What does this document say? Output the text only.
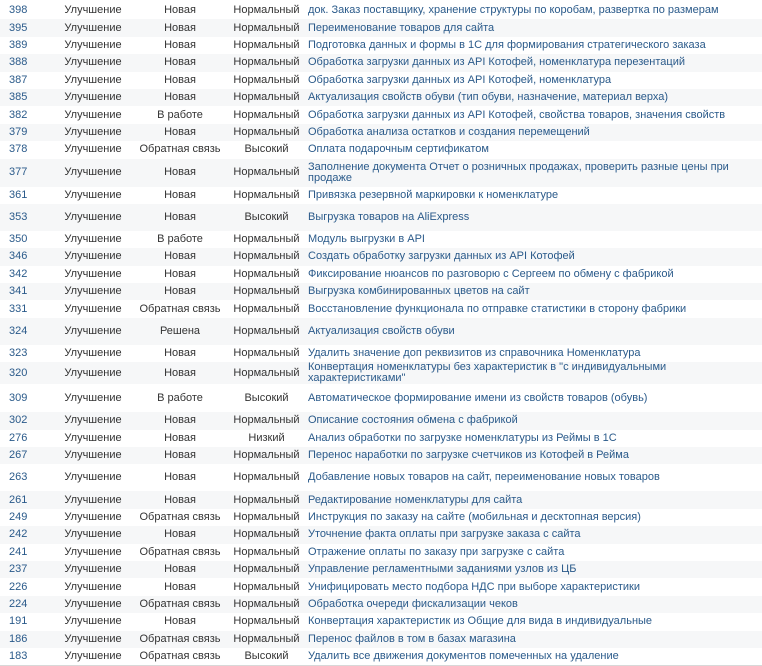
398	Улучшение	Новая	Нормальный	док. Заказ поставщику, хранение структуры по коробам, развертка по размерам
395	Улучшение	Новая	Нормальный	Переименование товаров для сайта
389	Улучшение	Новая	Нормальный	Подготовка данных и формы в 1С для формирования стратегического заказа
388	Улучшение	Новая	Нормальный	Обработка загрузки данных из API Котофей, номенклатура перезентаций
387	Улучшение	Новая	Нормальный	Обработка загрузки данных из API Котофей, номенклатура
385	Улучшение	Новая	Нормальный	Актуализация свойств обуви (тип обуви, назначение, материал верха)
382	Улучшение	В работе	Нормальный	Обработка загрузки данных из API Котофей, свойства товаров, значения свойств
379	Улучшение	Новая	Нормальный	Обработка анализа остатков и создания перемещений
378	Улучшение	Обратная связь	Высокий	Оплата подарочным сертификатом
377	Улучшение	Новая	Нормальный	Заполнение документа Отчет о розничных продажах, проверить разные цены при продаже
361	Улучшение	Новая	Нормальный	Привязка резервной маркировки к номенклатуре
353	Улучшение	Новая	Высокий	Выгрузка товаров на AliExpress
350	Улучшение	В работе	Нормальный	Модуль выгрузки в API
346	Улучшение	Новая	Нормальный	Создать обработку загрузки данных из API Котофей
342	Улучшение	Новая	Нормальный	Фиксирование нюансов по разговорю с Сергеем по обмену с фабрикой
341	Улучшение	Новая	Нормальный	Выгрузка комбинированных цветов на сайт
331	Улучшение	Обратная связь	Нормальный	Восстановление функционала по отправке статистики в сторону фабрики
324	Улучшение	Решена	Нормальный	Актуализация свойств обуви
323	Улучшение	Новая	Нормальный	Удалить значение доп реквизитов из справочника Номенклатура
320	Улучшение	Новая	Нормальный	Конвертация номенклатуры без характеристик в "с индивидуальными характеристиками"
309	Улучшение	В работе	Высокий	Автоматическое формирование имени из свойств товаров (обувь)
302	Улучшение	Новая	Нормальный	Описание состояния обмена с фабрикой
276	Улучшение	Новая	Низкий	Анализ обработки по загрузке номенклатуры из Реймы в 1С
267	Улучшение	Новая	Нормальный	Перенос наработки по загрузке счетчиков из Котофей в Рейма
263	Улучшение	Новая	Нормальный	Добавление новых товаров на сайт, переименование новых товаров
261	Улучшение	Новая	Нормальный	Редактирование номенклатуры для сайта
249	Улучшение	Обратная связь	Нормальный	Инструкция по заказу на сайте (мобильная и десктопная версия)
242	Улучшение	Новая	Нормальный	Уточнение факта оплаты при загрузке заказа с сайта
241	Улучшение	Обратная связь	Нормальный	Отражение оплаты по заказу при загрузке с сайта
237	Улучшение	Новая	Нормальный	Управление регламентными заданиями узлов из ЦБ
226	Улучшение	Новая	Нормальный	Унифицировать место подбора НДС при выборе характеристики
224	Улучшение	Обратная связь	Нормальный	Обработка очереди фискализации чеков
191	Улучшение	Новая	Нормальный	Конвертация характеристик из Общие для вида в индивидуальные
186	Улучшение	Обратная связь	Нормальный	Перенос файлов в том в базах магазина
183	Улучшение	Обратная связь	Высокий	Удалить все движения документов помеченных на удаление
